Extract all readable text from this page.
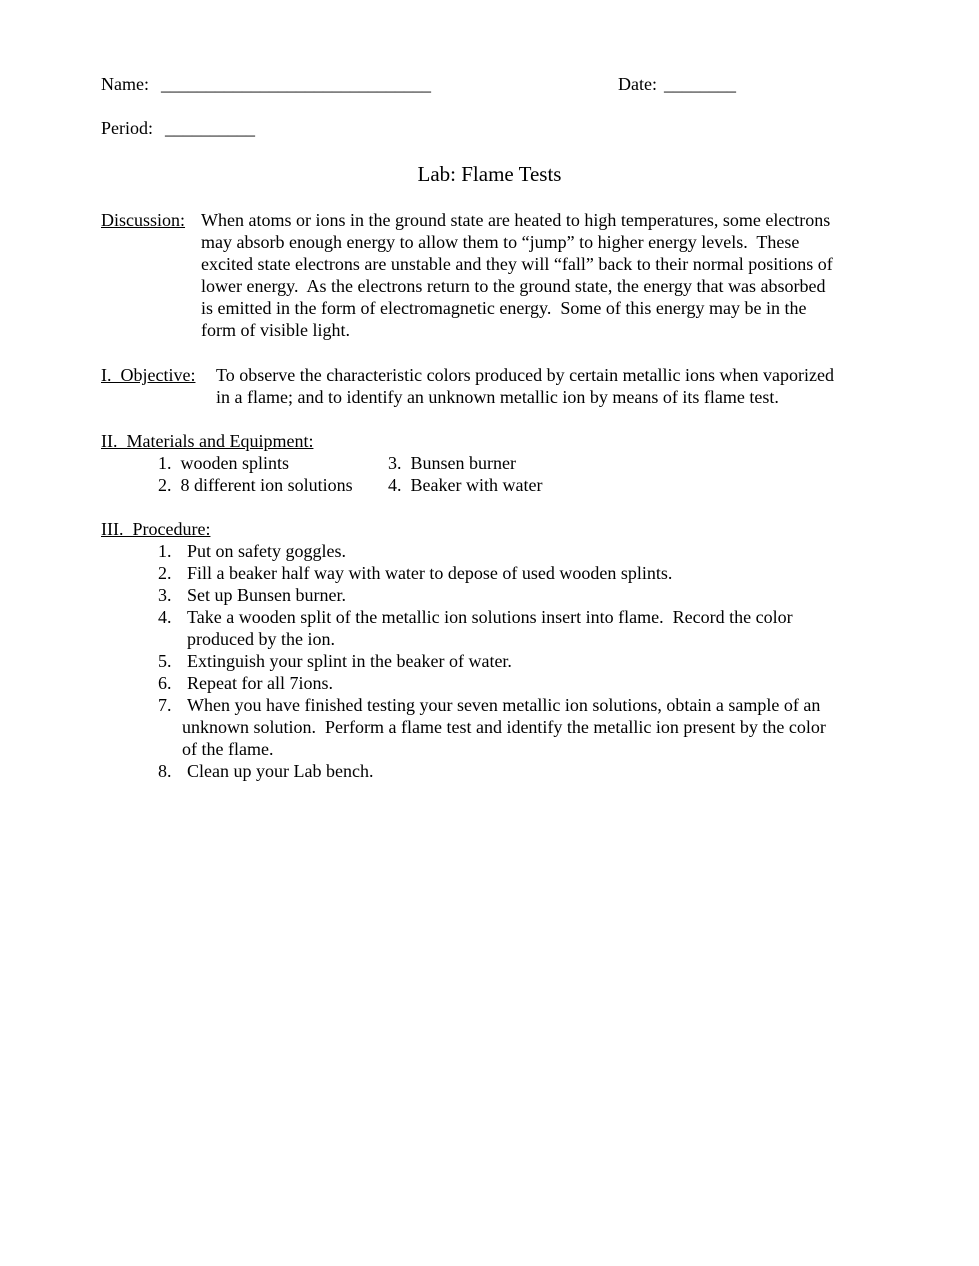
Name: ______________________________	Date: ________
Period: __________
Lab: Flame Tests
Discussion: When atoms or ions in the ground state are heated to high temperatures, some electrons
may absorb enough energy to allow them to “jump” to higher energy levels.  These
excited state electrons are unstable and they will “fall” back to their normal positions of
lower energy.  As the electrons return to the ground state, the energy that was absorbed
is emitted in the form of electromagnetic energy.  Some of this energy may be in the
form of visible light.
I.  Objective: To observe the characteristic colors produced by certain metallic ions when vaporized
in a flame; and to identify an unknown metallic ion by means of its flame test.
II.  Materials and Equipment:
1.  wooden splints	3.  Bunsen burner
2.  8 different ion solutions 4.  Beaker with water
III.  Procedure:
1. Put on safety goggles.
2. Fill a beaker half way with water to depose of used wooden splints.
3. Set up Bunsen burner.
4. Take a wooden split of the metallic ion solutions insert into flame.  Record the color
produced by the ion.
5. Extinguish your splint in the beaker of water.
6. Repeat for all 7ions.
7. When you have finished testing your seven metallic ion solutions, obtain a sample of an
unknown solution.  Perform a flame test and identify the metallic ion present by the color
of the flame.
8. Clean up your Lab bench.
